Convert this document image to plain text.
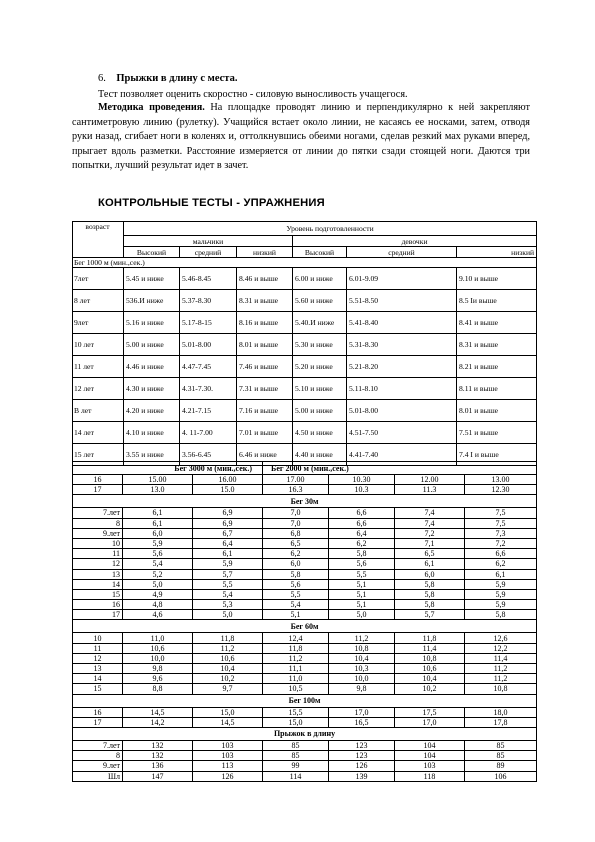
6. Прыжки в длину с места.
Тест позволяет оценить скоростно - силовую выносливость учащегося.
Методика проведения. На площадке проводят линию и перпендикулярно к ней закрепляют сантиметровую линию (рулетку). Учащийся встает около линии, не касаясь ее носками, затем, отводя руки назад, сгибает ноги в коленях и, оттолкнувшись обеими ногами, сделав резкий мах руками вперед, прыгает вдоль разметки. Расстояние измеряется от линии до пятки сзади стоящей ноги. Даются три попытки, лучший результат идет в зачет.
КОНТРОЛЬНЫЕ ТЕСТЫ - УПРАЖНЕНИЯ
возраст	Уровень подготовленности					
	мальчики			девочки		
	Высокий	средний	низкий	Высокий	средний	низкий
Бег 1000 м (мин.,сек.)						
7лет	5.45 и ниже	5.46-8.45	8.46 и выше	6.00 и ниже	6.01-9.09	9.10 и выше
8 лет	536.И ниже	5.37-8.30	8.31 и выше	5.60 и ниже	5.51-8.50	8.5 Iи выше
9лет	5.16 и ниже	5.17-8-15	8.16 и выше	5.40.И ниже	5.41-8.40	8.41 и выше
10 лет	5.00 и ниже	5.01-8.00	8.01 и выше	5.30 и ниже	5.31-8.30	8.31 и выше
11 лет	4.46 и ниже	4.47-7.45	7.46 и выше	5.20 и ниже	5.21-8.20	8.21 и выше
12 лет	4.30 и ниже	4.31-7.30.	7.31 и выше	5.10 и ниже	5.11-8.10	8.11 и выше
В лет	4.20 и ниже	4.21-7.15	7.16 и выше	5.00 и ниже	5.01-8.00	8.01 и выше
14 лет	4.10 и ниже	4. 11-7.00	7.01 и выше	4.50 и ниже	4.51-7.50	7.51 и выше
15 лет	3.55 и ниже	3.56-6.45	6.46 и ниже	4.40 и ниже	4.41-7.40	7.4 I и выше
Бег 3000 м (мин.,сек.)			Бег 2000 м (мин.,сек.)			
16	15.00	16.00	17.00	10.30	12.00	13.00
17	13.0	15.0	16.3	10.3	11.3	12.30
Бег 30м						
7.лет	6,1	6,9	7,0	6,6	7,4	7,5
8	6,1	6,9	7,0	6,6	7,4	7,5
9.лет	6,0	6,7	6,8	6,4	7,2	7,3
10	5,9	6,4	6,5	6,2	7,1	7,2
11	5,6	6,1	6,2	5,8	6,5	6,6
12	5,4	5,9	6,0	5,6	6,1	6,2
13	5,2	5,7	5,8	5,5	6,0	6,1
14	5,0	5,5	5,6	5,1	5,8	5,9
15	4,9	5,4	5,5	5,1	5,8	5,9
16	4,8	5,3	5,4	5,1	5,8	5,9
17	4,6	5,0	5,1	5,0	5,7	5,8
Бег 60м						
10	11,0	11,8	12,4	11,2	11,8	12,6
11	10,6	11,2	11,8	10,8	11,4	12,2
12	10,0	10,6	11,2	10,4	10,8	11,4
13	9,8	10,4	11,1	10,3	10,6	11,2
14	9,6	10,2	11,0	10,0	10,4	11,2
15	8,8	9,7	10,5	9,8	10,2	10,8
Бег 100м						
16	14,5	15,0	15,5	17,0	17,5	18,0
17	14,2	14,5	15,0	16,5	17,0	17,8
Прыжок в длину						
7.лет	132	103	85	123	104	85
8	132	103	85	123	104	85
9.лет	136	113	99	126	103	89
Шл	147	126	114	139	118	106
